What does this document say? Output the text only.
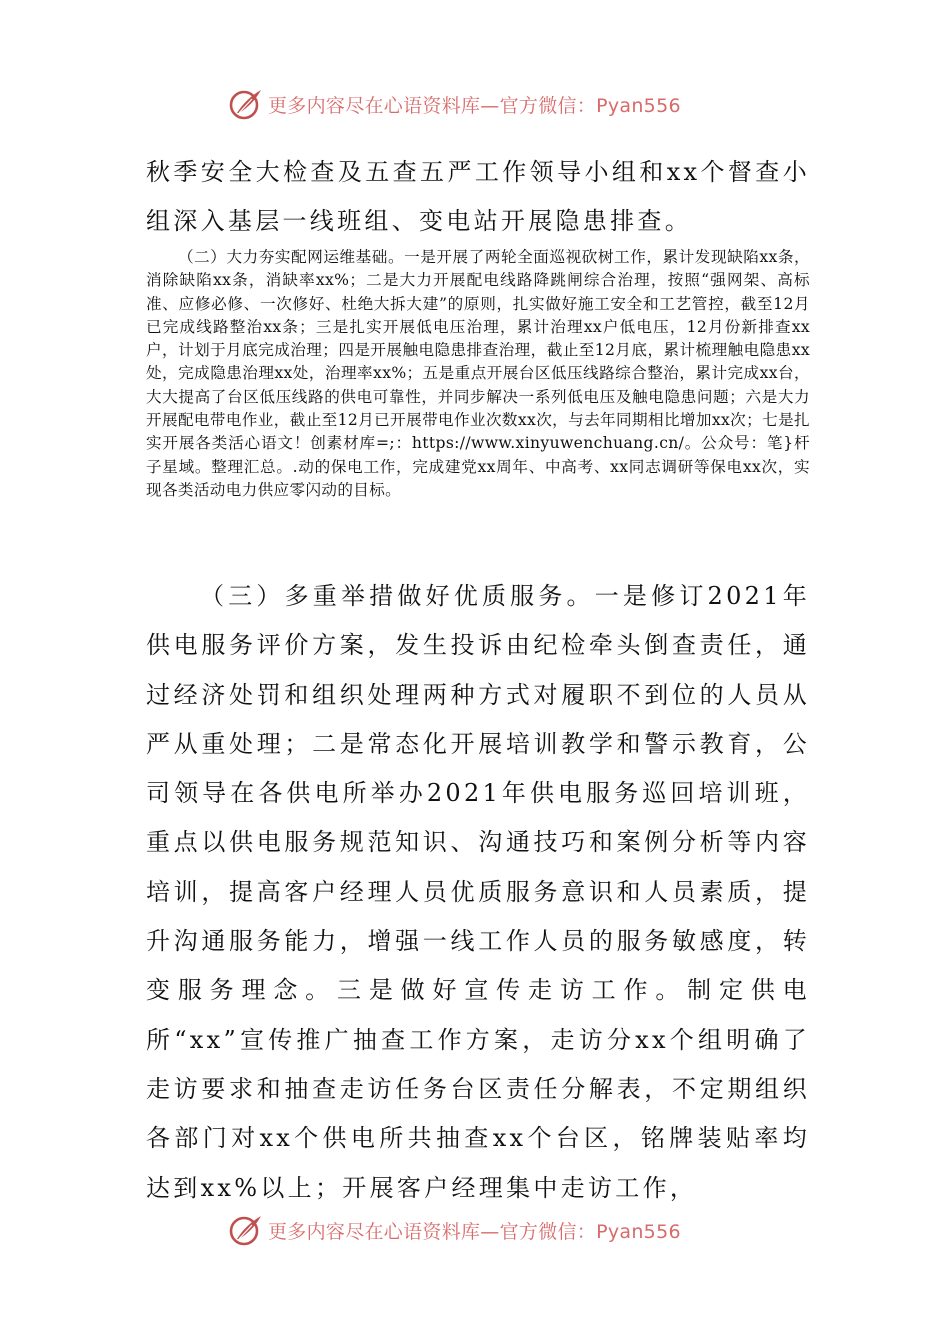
更多内容尽在心语资料库—官方微信：Pyan556

秋季安全大检查及五查五严工作领导小组和xx个督查小组深入基层一线班组、变电站开展隐患排查。

（二）大力夯实配网运维基础。一是开展了两轮全面巡视砍树工作，累计发现缺陷xx条，消除缺陷xx条，消缺率xx%；二是大力开展配电线路降跳闸综合治理，按照“强网架、高标准、应修必修、一次修好、杜绝大拆大建”的原则，扎实做好施工安全和工艺管控，截至12月已完成线路整治xx条；三是扎实开展低电压治理，累计治理xx户低电压，12月份新排查xx户，计划于月底完成治理；四是开展触电隐患排查治理，截止至12月底，累计梳理触电隐患xx处，完成隐患治理xx处，治理率xx%；五是重点开展台区低压线路综合整治，累计完成xx台，大大提高了台区低压线路的供电可靠性，并同步解决一系列低电压及触电隐患问题；六是大力开展配电带电作业，截止至12月已开展带电作业次数xx次，与去年同期相比增加xx次；七是扎实开展各类活心语文！创素材库=;：https://www.xinyuwenchuang.cn/。公众号：笔}杆子星域。整理汇总。.动的保电工作，完成建党xx周年、中高考、xx同志调研等保电xx次，实现各类活动电力供应零闪动的目标。

（三）多重举措做好优质服务。一是修订2021年供电服务评价方案，发生投诉由纪检牵头倒查责任，通过经济处罚和组织处理两种方式对履职不到位的人员从严从重处理；二是常态化开展培训教学和警示教育，公司领导在各供电所举办2021年供电服务巡回培训班，重点以供电服务规范知识、沟通技巧和案例分析等内容培训，提高客户经理人员优质服务意识和人员素质，提升沟通服务能力，增强一线工作人员的服务敏感度，转变服务理念。三是做好宣传走访工作。制定供电所“xx”宣传推广抽查工作方案，走访分xx个组明确了走访要求和抽查走访任务台区责任分解表，不定期组织各部门对xx个供电所共抽查xx个台区，铭牌装贴率均达到xx%以上；开展客户经理集中走访工作，

更多内容尽在心语资料库—官方微信：Pyan556
